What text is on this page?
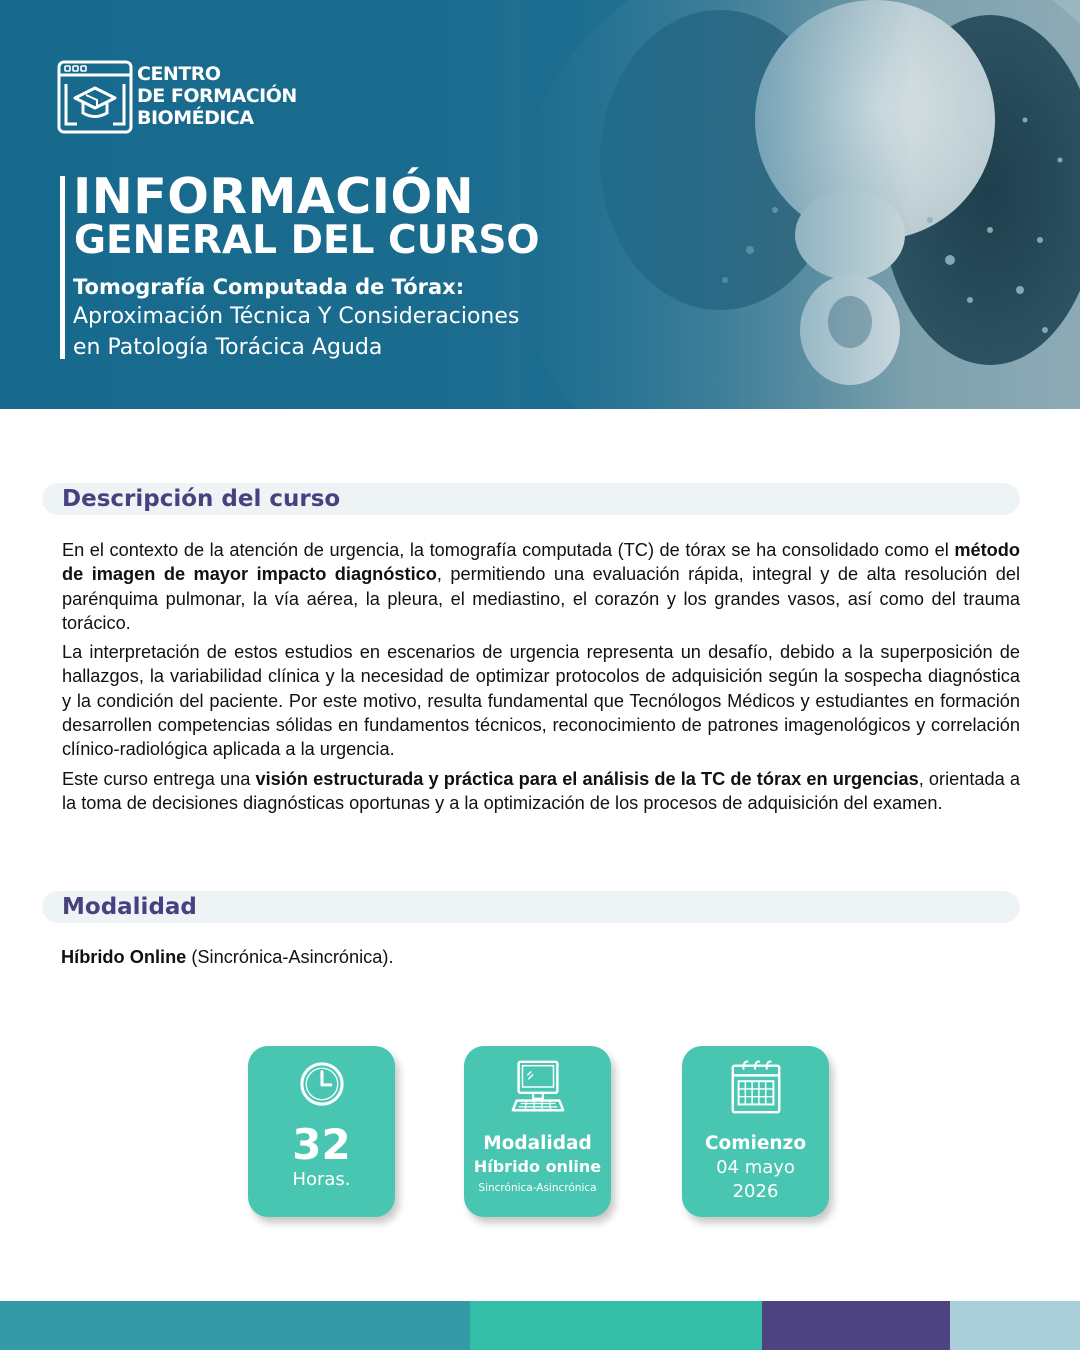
CENTRO
DE FORMACIÓN
BIOMÉDICA
INFORMACIÓN
GENERAL DEL CURSO
Tomografía Computada de Tórax:
Aproximación Técnica Y Consideraciones
en Patología Torácica Aguda
Descripción del curso

En el contexto de la atención de urgencia, la tomografía computada (TC) de tórax se ha consolidado como el método de imagen de mayor impacto diagnóstico, permitiendo una evaluación rápida, integral y de alta resolución del parénquima pulmonar, la vía aérea, la pleura, el mediastino, el corazón y los grandes vasos, así como del trauma torácico.

La interpretación de estos estudios en escenarios de urgencia representa un desafío, debido a la superposición de hallazgos, la variabilidad clínica y la necesidad de optimizar protocolos de adquisición según la sospecha diagnóstica y la condición del paciente. Por este motivo, resulta fundamental que Tecnólogos Médicos y estudiantes en formación desarrollen competencias sólidas en fundamentos técnicos, reconocimiento de patrones imagenológicos y correlación clínico-radiológica aplicada a la urgencia.

Este curso entrega una visión estructurada y práctica para el análisis de la TC de tórax en urgencias, orientada a la toma de decisiones diagnósticas oportunas y a la optimización de los procesos de adquisición del examen.

Modalidad
Híbrido Online (Sincrónica-Asincrónica).
32
Horas.
Modalidad
Híbrido online
Sincrónica-Asincrónica
Comienzo
04 mayo
2026
